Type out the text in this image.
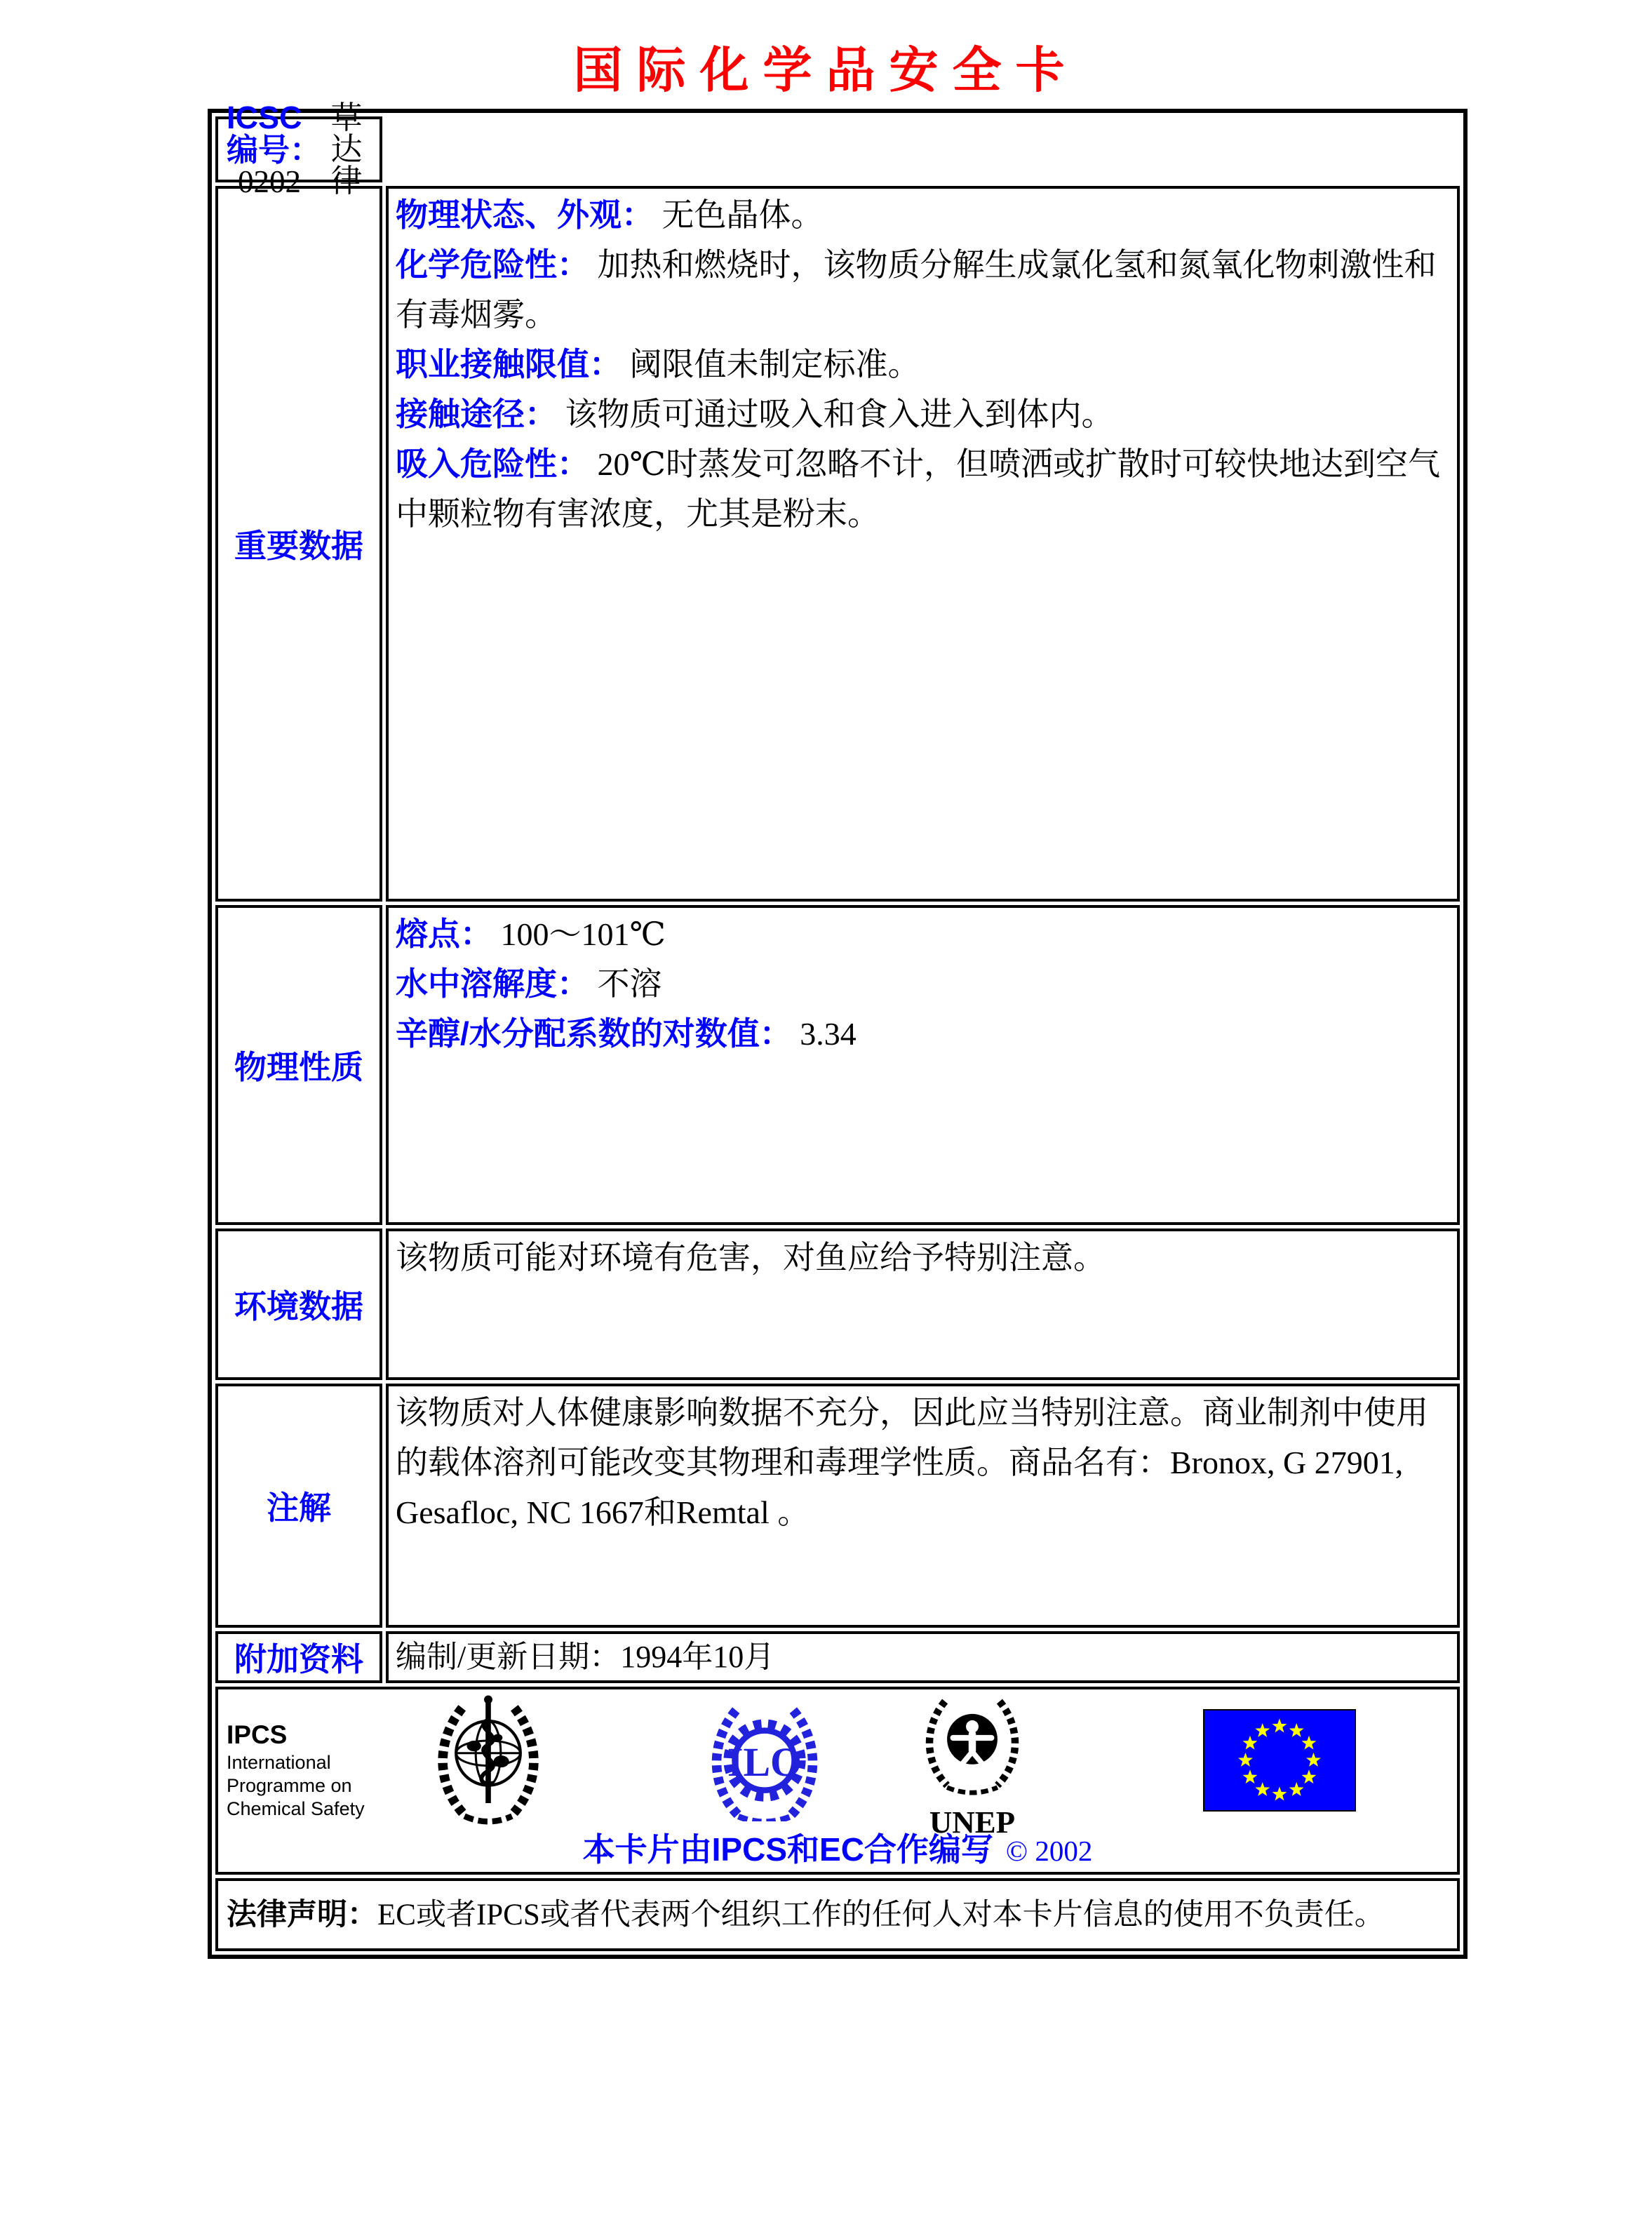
国际化学品安全卡
ICSC编号：0202
草达律

重要数据	物理状态、外观： 无色晶体。
化学危险性： 加热和燃烧时，该物质分解生成氯化氢和氮氧化物刺激性和有毒烟雾。
职业接触限值： 阈限值未制定标准。
接触途径： 该物质可通过吸入和食入进入到体内。
吸入危险性： 20℃时蒸发可忽略不计，但喷洒或扩散时可较快地达到空气中颗粒物有害浓度，尤其是粉末。

物理性质	熔点： 100～101℃
水中溶解度： 不溶
辛醇/水分配系数的对数值： 3.34

环境数据	该物质可能对环境有危害，对鱼应给予特别注意。

注解	该物质对人体健康影响数据不充分，因此应当特别注意。商业制剂中使用的载体溶剂可能改变其物理和毒理学性质。商品名有：Bronox, G 27901, Gesafloc, NC 1667和Remtal 。

附加资料	编制/更新日期：1994年10月

IPCS
International
Programme on
Chemical Safety
ILO
UNEP
本卡片由IPCS和EC合作编写 © 2002

法律声明：EC或者IPCS或者代表两个组织工作的任何人对本卡片信息的使用不负责任。	
